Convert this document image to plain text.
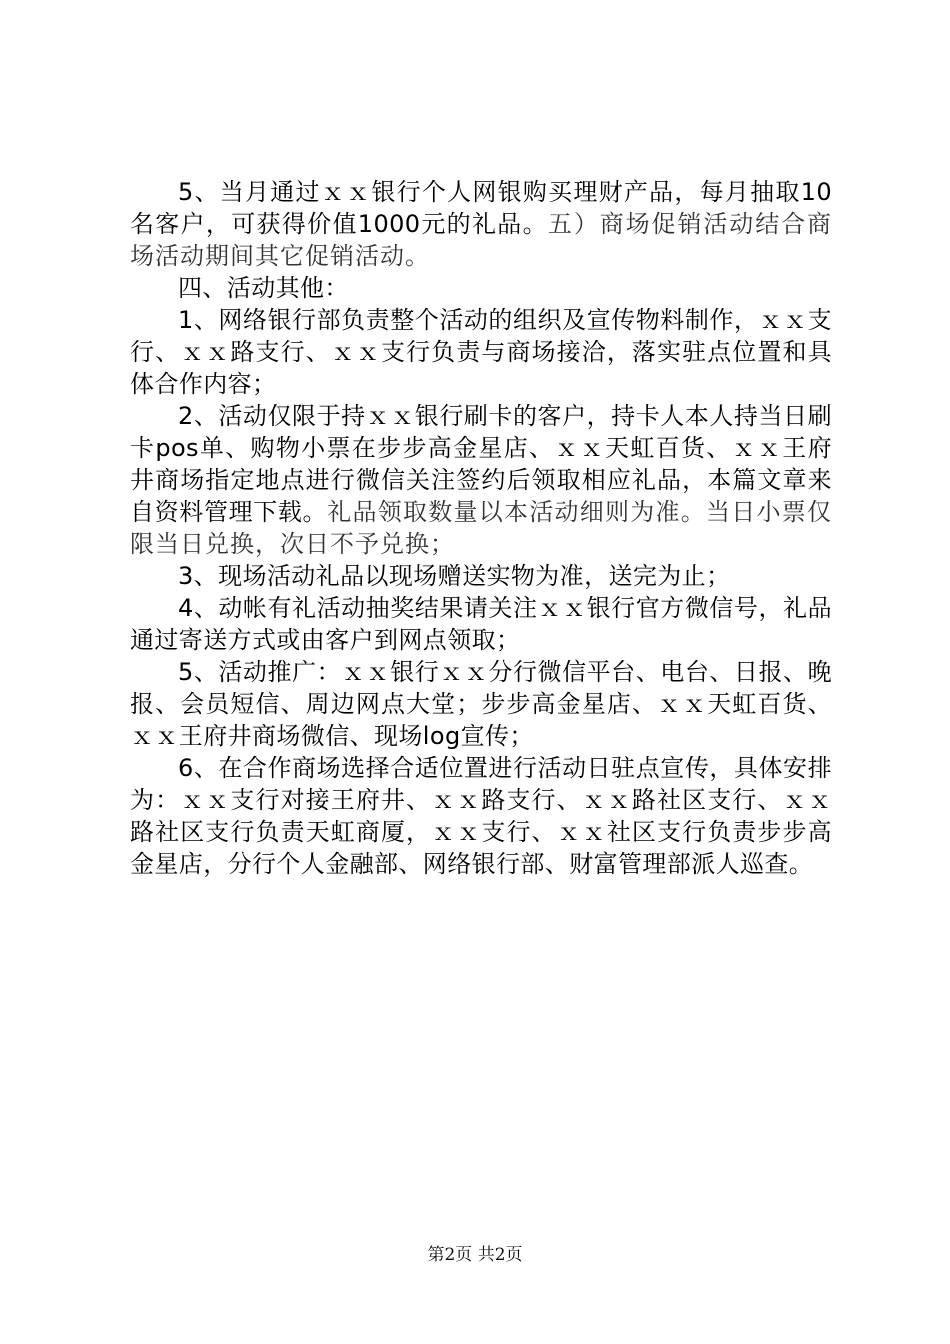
5、当月通过ｘｘ银行个人网银购买理财产品，每月抽取10名客户，可获得价值1000元的礼品。五）商场促销活动结合商场活动期间其它促销活动。

四、活动其他：

1、网络银行部负责整个活动的组织及宣传物料制作，ｘｘ支行、ｘｘ路支行、ｘｘ支行负责与商场接洽，落实驻点位置和具体合作内容；

2、活动仅限于持ｘｘ银行刷卡的客户，持卡人本人持当日刷卡pos单、购物小票在步步高金星店、ｘｘ天虹百货、ｘｘ王府井商场指定地点进行微信关注签约后领取相应礼品，本篇文章来自资料管理下载。礼品领取数量以本活动细则为准。当日小票仅限当日兑换，次日不予兑换；

3、现场活动礼品以现场赠送实物为准，送完为止；

4、动帐有礼活动抽奖结果请关注ｘｘ银行官方微信号，礼品通过寄送方式或由客户到网点领取；

5、活动推广：ｘｘ银行ｘｘ分行微信平台、电台、日报、晚报、会员短信、周边网点大堂；步步高金星店、ｘｘ天虹百货、ｘｘ王府井商场微信、现场log宣传；

6、在合作商场选择合适位置进行活动日驻点宣传，具体安排为：ｘｘ支行对接王府井、ｘｘ路支行、ｘｘ路社区支行、ｘｘ路社区支行负责天虹商厦，ｘｘ支行、ｘｘ社区支行负责步步高金星店，分行个人金融部、网络银行部、财富管理部派人巡查。

第2页 共2页
